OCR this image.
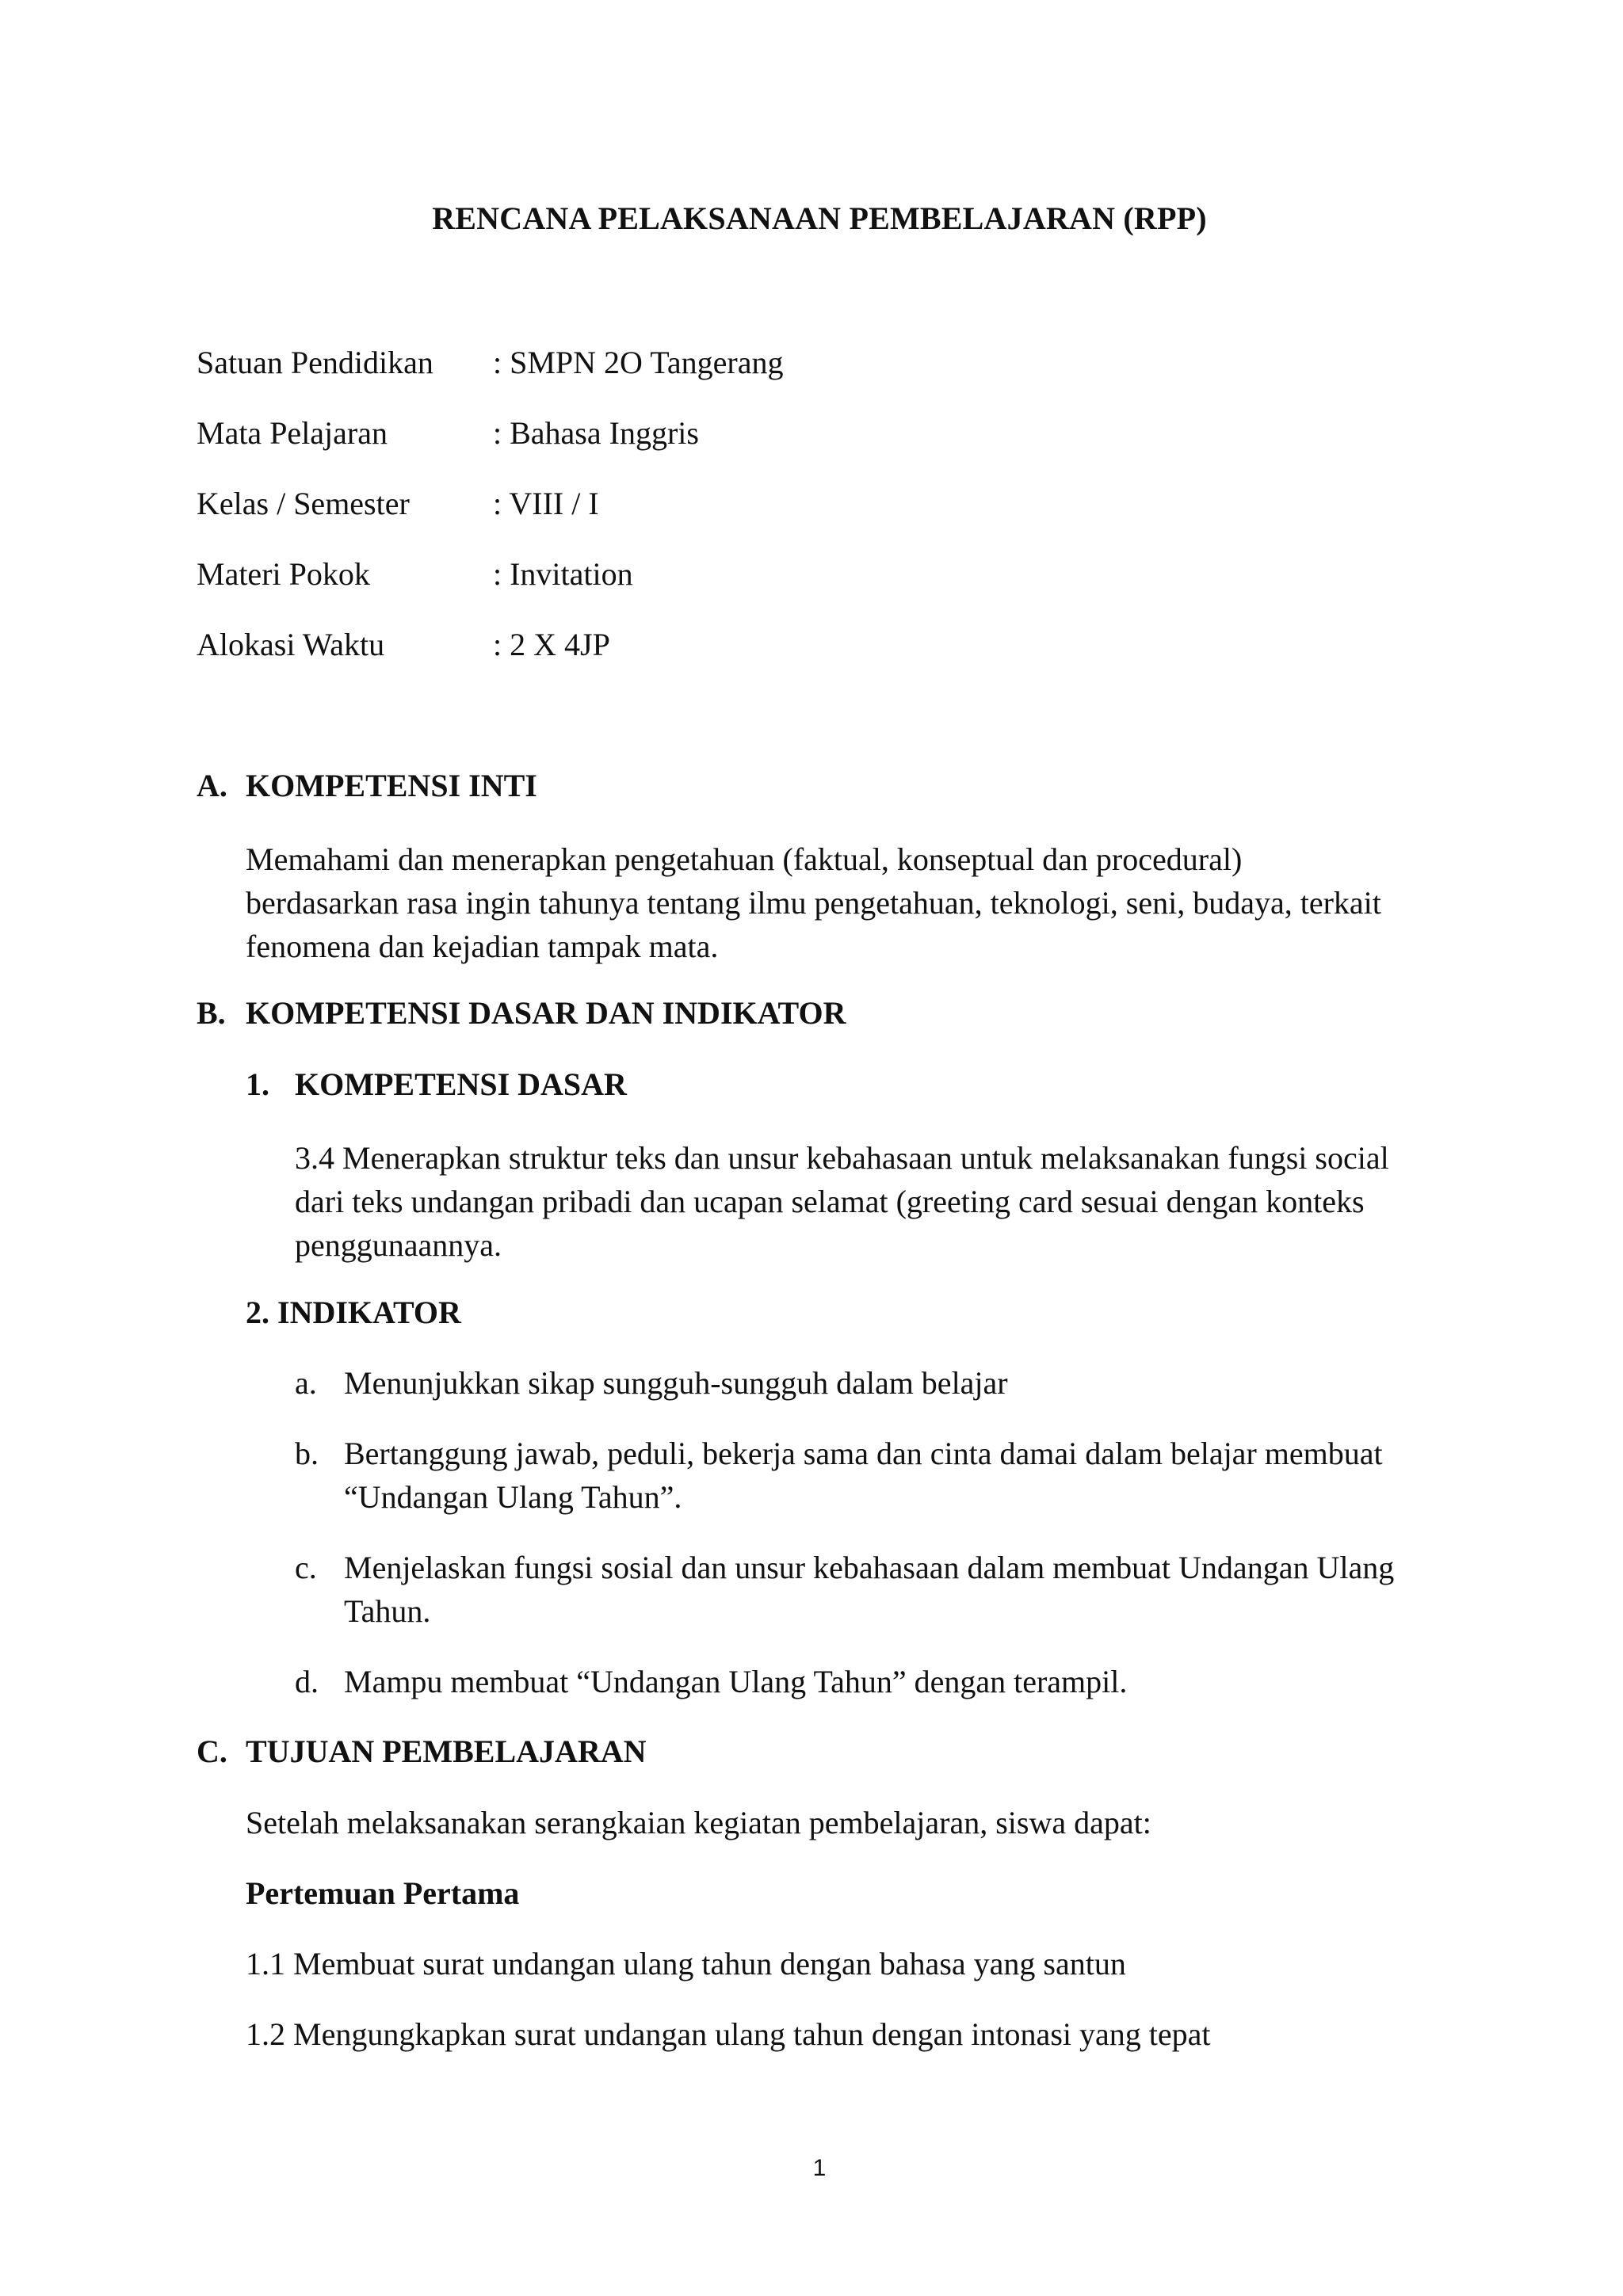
RENCANA PELAKSANAAN PEMBELAJARAN (RPP)
Satuan Pendidikan : SMPN 2O Tangerang
Mata Pelajaran	: Bahasa Inggris
Kelas / Semester	: VIII / I
Materi Pokok	: Invitation
Alokasi Waktu	: 2 X 4JP
A. KOMPETENSI INTI
Memahami dan menerapkan pengetahuan (faktual, konseptual dan procedural)
berdasarkan rasa ingin tahunya tentang ilmu pengetahuan, teknologi, seni, budaya, terkait
fenomena dan kejadian tampak mata.
B. KOMPETENSI DASAR DAN INDIKATOR
1. KOMPETENSI DASAR
3.4 Menerapkan struktur teks dan unsur kebahasaan untuk melaksanakan fungsi social
dari teks undangan pribadi dan ucapan selamat (greeting card sesuai dengan konteks
penggunaannya.
2. INDIKATOR
a. Menunjukkan sikap sungguh-sungguh dalam belajar
b. Bertanggung jawab, peduli, bekerja sama dan cinta damai dalam belajar membuat
“Undangan Ulang Tahun”.
c. Menjelaskan fungsi sosial dan unsur kebahasaan dalam membuat Undangan Ulang
Tahun.
d. Mampu membuat “Undangan Ulang Tahun” dengan terampil.
C. TUJUAN PEMBELAJARAN
Setelah melaksanakan serangkaian kegiatan pembelajaran, siswa dapat:
Pertemuan Pertama
1.1 Membuat surat undangan ulang tahun dengan bahasa yang santun
1.2 Mengungkapkan surat undangan ulang tahun dengan intonasi yang tepat
1
